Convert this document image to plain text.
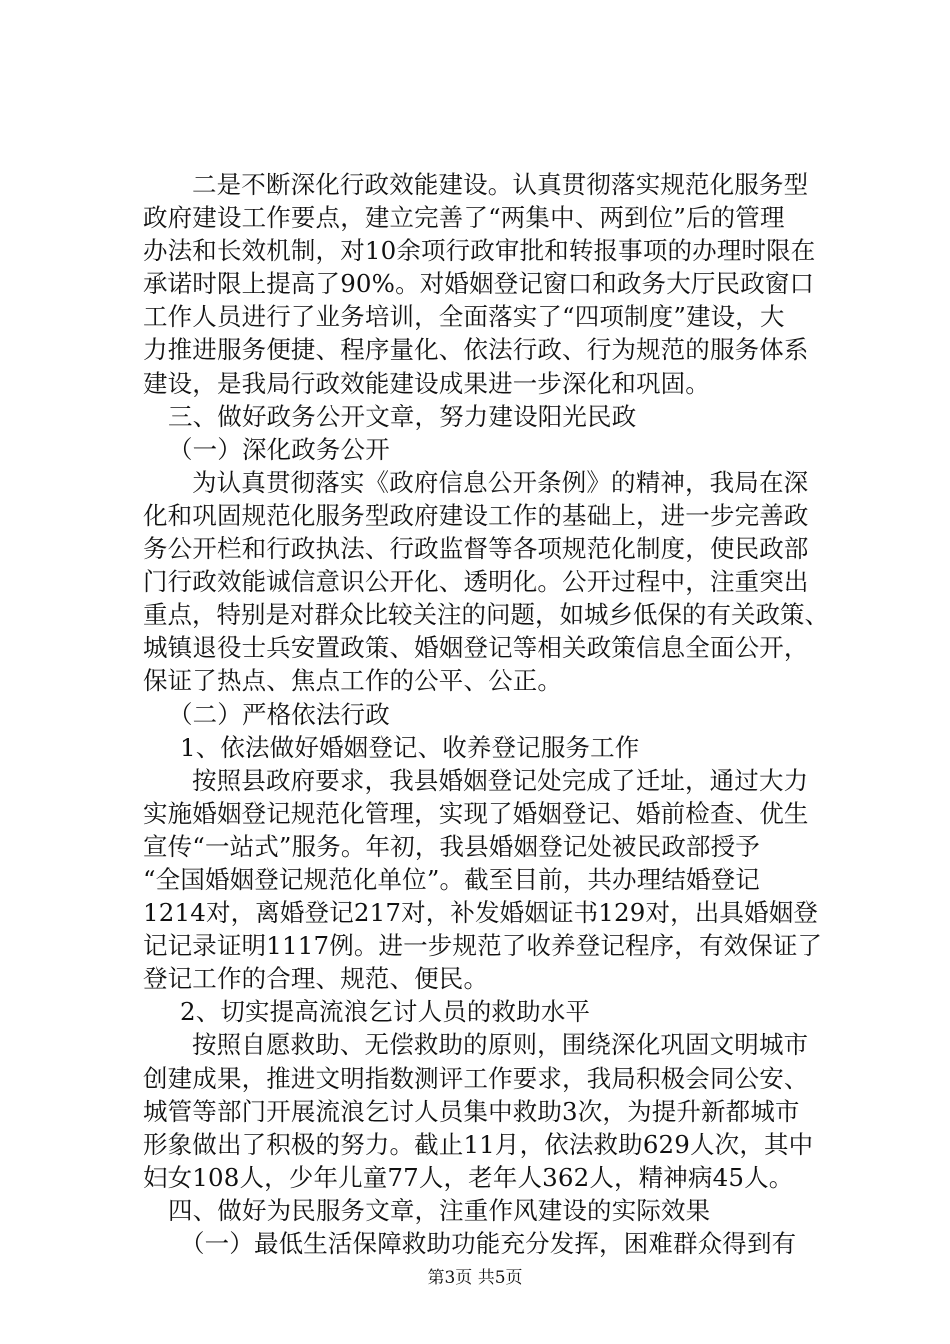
二是不断深化行政效能建设。认真贯彻落实规范化服务型
政府建设工作要点，建立完善了“两集中、两到位”后的管理
办法和长效机制，对10余项行政审批和转报事项的办理时限在
承诺时限上提高了90%。对婚姻登记窗口和政务大厅民政窗口
工作人员进行了业务培训，全面落实了“四项制度”建设，大
力推进服务便捷、程序量化、依法行政、行为规范的服务体系
建设，是我局行政效能建设成果进一步深化和巩固。
三、做好政务公开文章，努力建设阳光民政
（一）深化政务公开
为认真贯彻落实《政府信息公开条例》的精神，我局在深
化和巩固规范化服务型政府建设工作的基础上，进一步完善政
务公开栏和行政执法、行政监督等各项规范化制度，使民政部
门行政效能诚信意识公开化、透明化。公开过程中，注重突出
重点，特别是对群众比较关注的问题，如城乡低保的有关政策、
城镇退役士兵安置政策、婚姻登记等相关政策信息全面公开，
保证了热点、焦点工作的公平、公正。
（二）严格依法行政
1、依法做好婚姻登记、收养登记服务工作
按照县政府要求，我县婚姻登记处完成了迁址，通过大力
实施婚姻登记规范化管理，实现了婚姻登记、婚前检查、优生
宣传“一站式”服务。年初，我县婚姻登记处被民政部授予
“全国婚姻登记规范化单位”。截至目前，共办理结婚登记
1214对，离婚登记217对，补发婚姻证书129对，出具婚姻登
记记录证明1117例。进一步规范了收养登记程序，有效保证了
登记工作的合理、规范、便民。
2、切实提高流浪乞讨人员的救助水平
按照自愿救助、无偿救助的原则，围绕深化巩固文明城市
创建成果，推进文明指数测评工作要求，我局积极会同公安、
城管等部门开展流浪乞讨人员集中救助3次，为提升新都城市
形象做出了积极的努力。截止11月，依法救助629人次，其中
妇女108人，少年儿童77人，老年人362人，精神病45人。
四、做好为民服务文章，注重作风建设的实际效果
（一）最低生活保障救助功能充分发挥，困难群众得到有
第3页 共5页
